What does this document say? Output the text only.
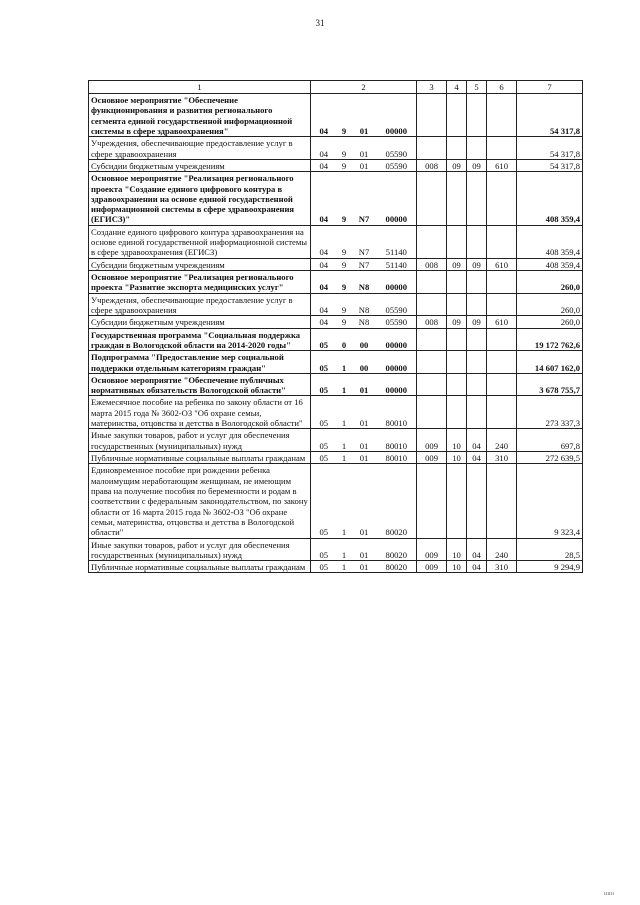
31
1	2				3	4	5	6	7
Основное мероприятие "Обеспечение функционирования и развития регионального сегмента единой государственной информационной системы в сфере здравоохранения"	04	9	01	00000					54 317,8
Учреждения, обеспечивающие предоставление услуг в сфере здравоохранения	04	9	01	05590					54 317,8
Субсидии бюджетным учреждениям	04	9	01	05590	008	09	09	610	54 317,8
Основное мероприятие "Реализация регионального проекта "Создание единого цифрового контура в здравоохранении на основе единой государственной информационной системы в сфере здравоохранения (ЕГИСЗ)"	04	9	N7	00000					408 359,4
Создание единого цифрового контура здравоохранения на основе единой государственной информационной системы в сфере здравоохранения (ЕГИСЗ)	04	9	N7	51140					408 359,4
Субсидии бюджетным учреждениям	04	9	N7	51140	008	09	09	610	408 359,4
Основное мероприятие "Реализация регионального проекта "Развитие экспорта медицинских услуг"	04	9	N8	00000					260,0
Учреждения, обеспечивающие предоставление услуг в сфере здравоохранения	04	9	N8	05590					260,0
Субсидии бюджетным учреждениям	04	9	N8	05590	008	09	09	610	260,0
Государственная программа "Социальная поддержка граждан в Вологодской области на 2014-2020 годы"	05	0	00	00000					19 172 762,6
Подпрограмма "Предоставление мер социальной поддержки отдельным категориям граждан"	05	1	00	00000					14 607 162,0
Основное мероприятие "Обеспечение публичных нормативных обязательств Вологодской области"	05	1	01	00000					3 678 755,7
Ежемесячное пособие на ребенка по закону области от 16 марта 2015 года № 3602-ОЗ "Об охране семьи, материнства, отцовства и детства в Вологодской области"	05	1	01	80010					273 337,3
Иные закупки товаров, работ и услуг для обеспечения государственных (муниципальных) нужд	05	1	01	80010	009	10	04	240	697,8
Публичные нормативные социальные выплаты гражданам	05	1	01	80010	009	10	04	310	272 639,5
Единовременное пособие при рождении ребенка малоимущим неработающим женщинам, не имеющим права на получение пособия по беременности и родам в соответствии с федеральным законодательством, по закону области от 16 марта 2015 года № 3602-ОЗ "Об охране семьи, материнства, отцовства и детства в Вологодской области"	05	1	01	80020					9 323,4
Иные закупки товаров, работ и услуг для обеспечения государственных (муниципальных) нужд	05	1	01	80020	009	10	04	240	28,5
Публичные нормативные социальные выплаты гражданам	05	1	01	80020	009	10	04	310	9 294,9
ıııııı
